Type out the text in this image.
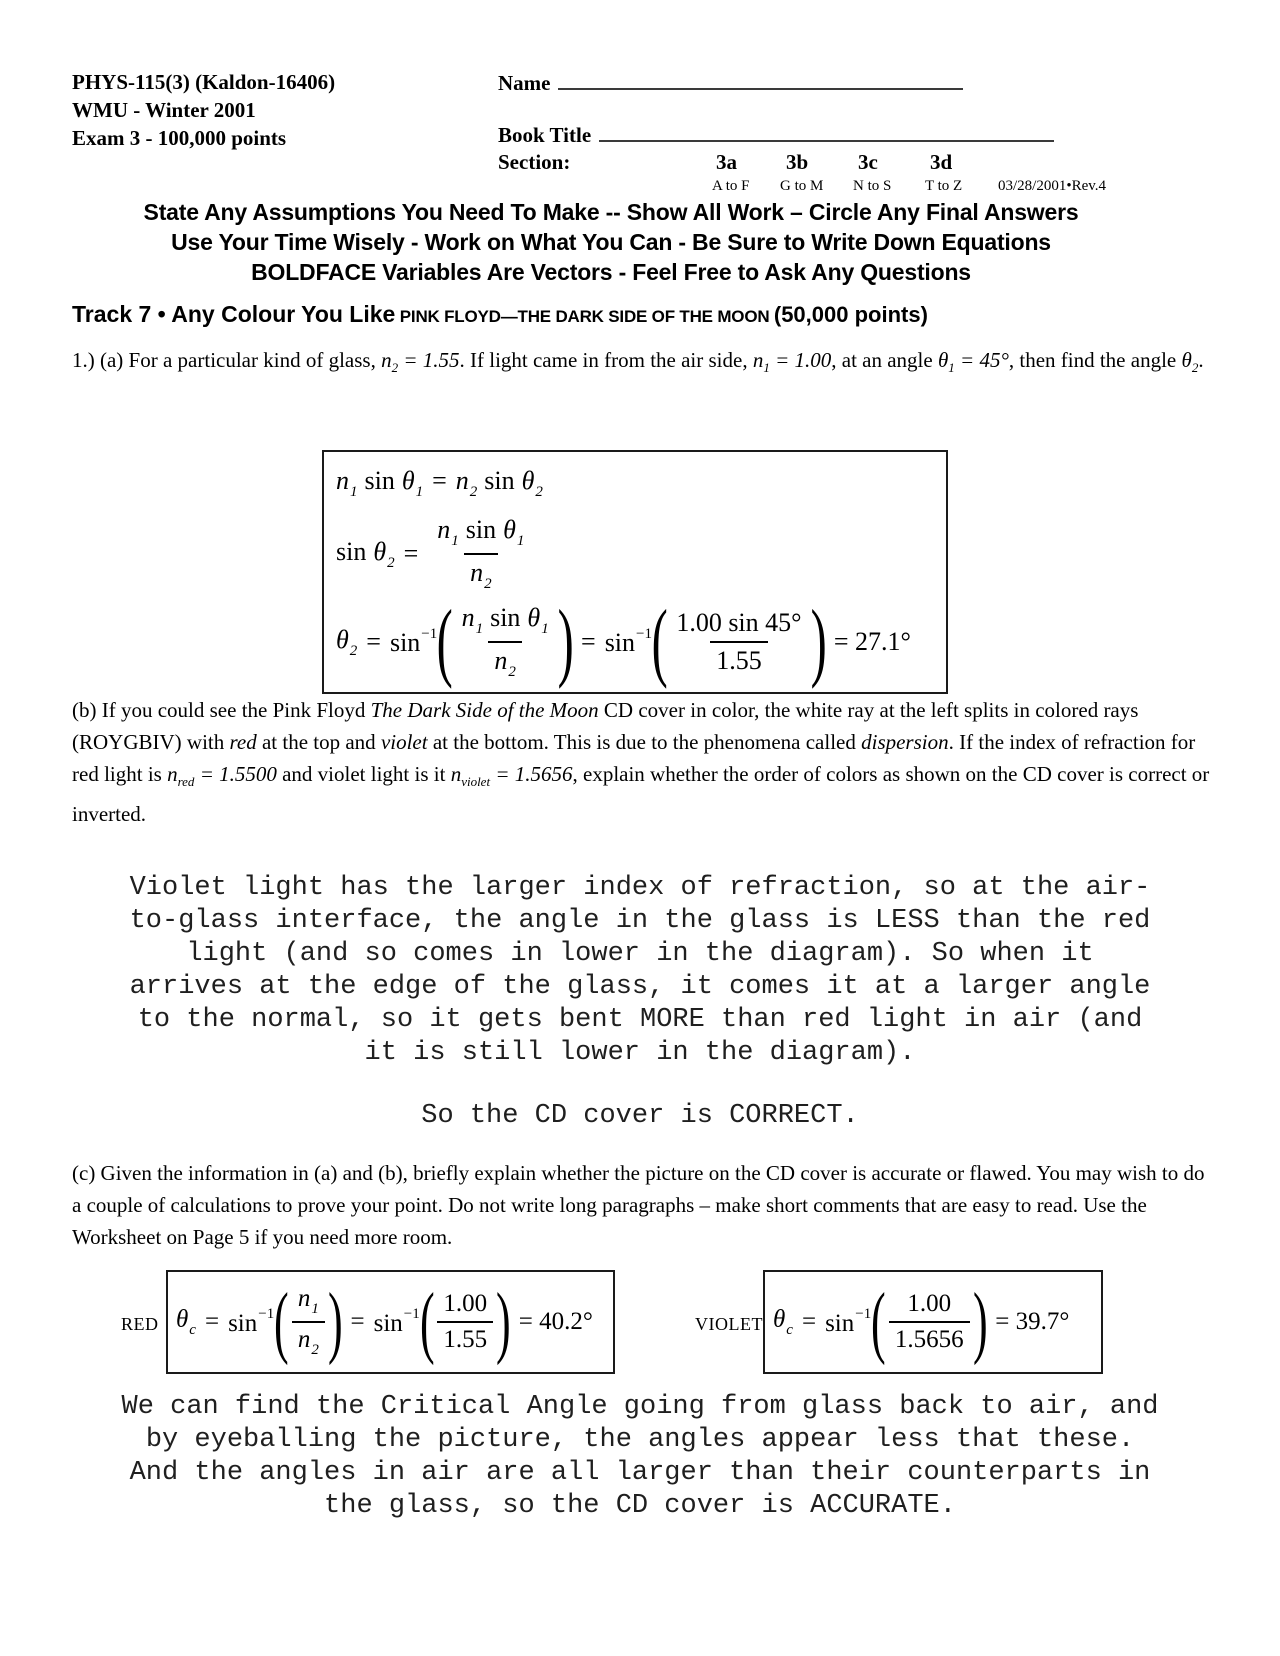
PHYS-115(3) (Kaldon-16406)
WMU - Winter 2001
Exam 3 - 100,000 points
Name
Book Title
Section:	3a 3b 3c 3d
A to F G to M N to S T to Z 03/28/2001•Rev.4
State Any Assumptions You Need To Make -- Show All Work – Circle Any Final Answers
Use Your Time Wisely - Work on What You Can - Be Sure to Write Down Equations
BOLDFACE Variables Are Vectors - Feel Free to Ask Any Questions
Track 7 • Any Colour You Like PINK FLOYD—THE DARK SIDE OF THE MOON (50,000 points)
1.) (a) For a particular kind of glass, $n_2 = 1.55$. If light came in from the air side, $n_1 = 1.00$, at an angle $\theta_1 = 45^\circ$, then find the angle $\theta_2$.
$n_1$ $\sin \theta_1 = n_2$ $\sin \theta_2$
$\sin \theta_2 = \frac{n_1 \sin \theta_1}{n_2}$
$\theta_2 = \sin^{-1}$ ( $\frac{n_1 \sin \theta_1}{n_2}$ ) = $\sin^{-1}$ ( $\frac{1.00 \sin 45^\circ}{1.55}$ ) = 27.1°
(b) If you could see the Pink Floyd The Dark Side of the Moon CD cover in color, the white ray at the left splits in colored rays (ROYGBIV) with red at the top and violet at the bottom. This is due to the phenomena called dispersion. If the index of refraction for red light is $n_{red} = 1.5500$ and violet light is it $n_{violet} = 1.5656$, explain whether the order of colors as shown on the CD cover is correct or inverted.
Violet light has the larger index of refraction, so at the air-
to-glass interface, the angle in the glass is LESS than the red
light (and so comes in lower in the diagram). So when it
arrives at the edge of the glass, it comes it at a larger angle
to the normal, so it gets bent MORE than red light in air (and
it is still lower in the diagram).
So the CD cover is CORRECT.
(c) Given the information in (a) and (b), briefly explain whether the picture on the CD cover is accurate or flawed. You may wish to do a couple of calculations to prove your point. Do not write long paragraphs – make short comments that are easy to read. Use the Worksheet on Page 5 if you need more room.
RED $\theta_c = \sin^{-1}$ ( $\frac{n_1}{n_2}$ ) = $\sin^{-1}$ ( $\frac{1.00}{1.55}$ ) = 40.2°	VIOLET $\theta_c = \sin^{-1}$ ( $\frac{1.00}{1.5656}$ ) = 39.7°
We can find the Critical Angle going from glass back to air, and
by eyeballing the picture, the angles appear less that these.
And the angles in air are all larger than their counterparts in
the glass, so the CD cover is ACCURATE.
